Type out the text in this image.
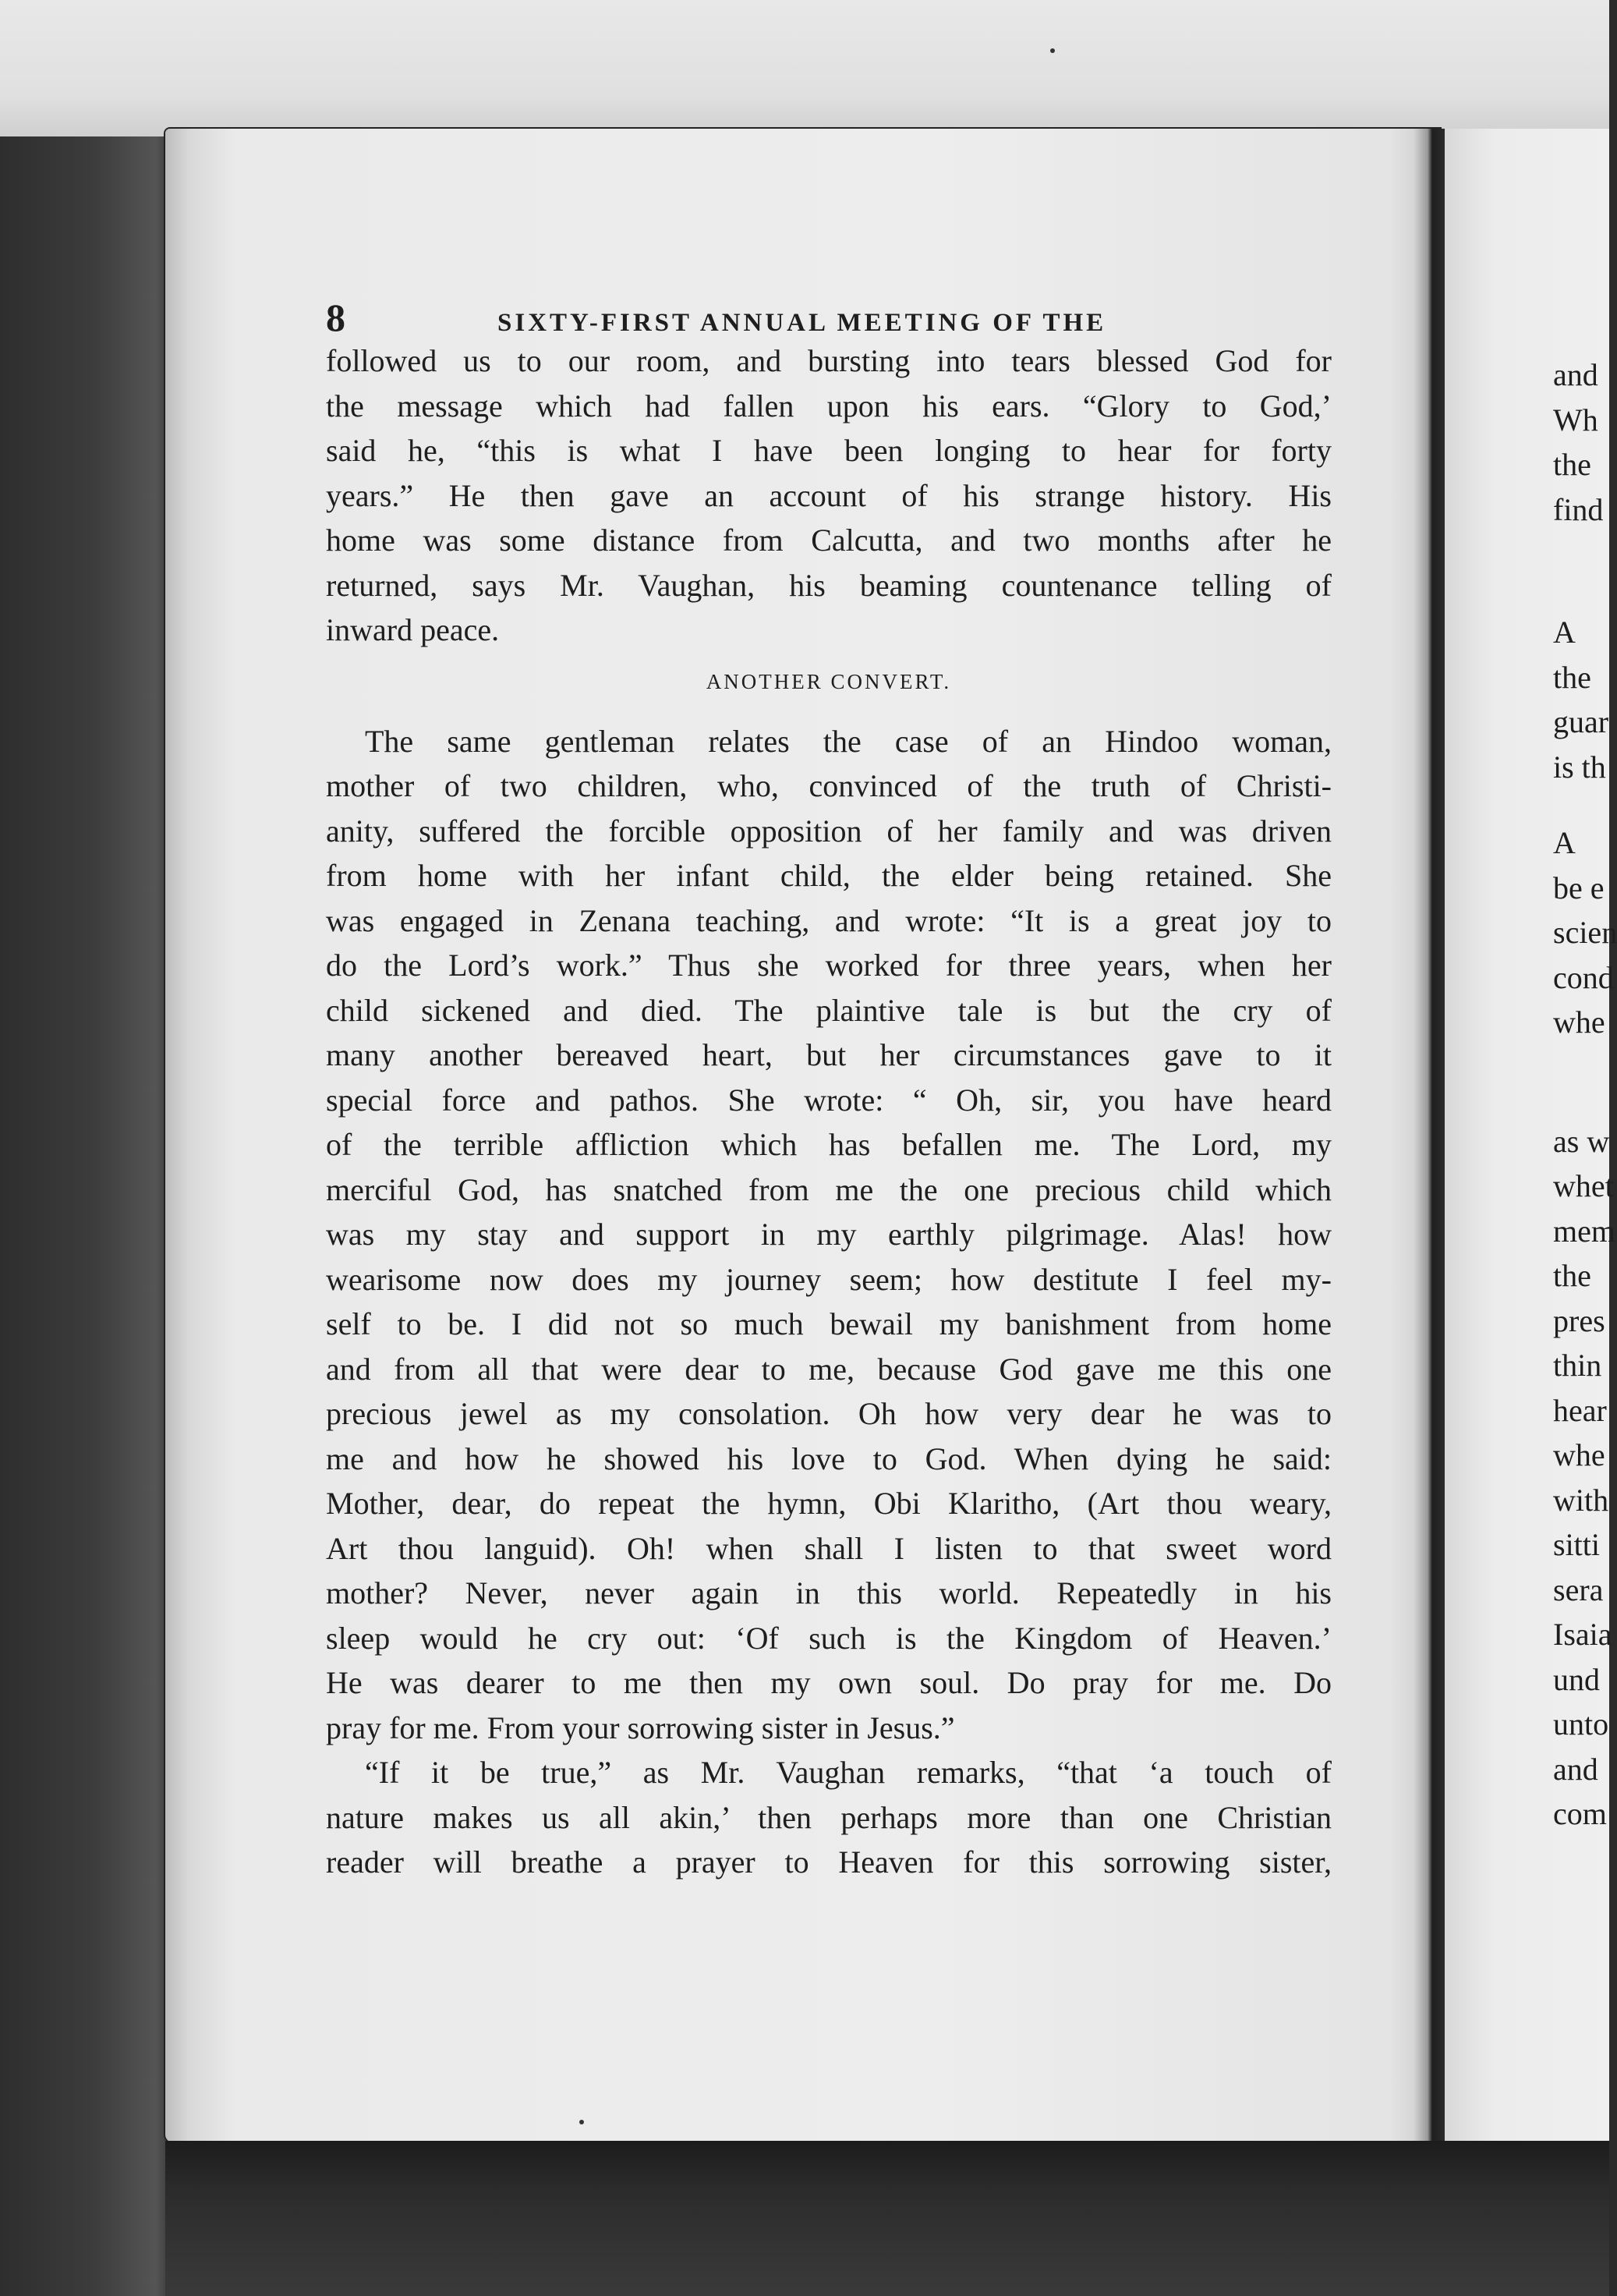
8	SIXTY-FIRST ANNUAL MEETING OF THE
followed us to our room, and bursting into tears blessed God for
the message which had fallen upon his ears. “Glory to God,’
said he, “this is what I have been longing to hear for forty
years.” He then gave an account of his strange history. His
home was some distance from Calcutta, and two months after he
returned, says Mr. Vaughan, his beaming countenance telling of
inward peace.
ANOTHER CONVERT.
The same gentleman relates the case of an Hindoo woman,
mother of two children, who, convinced of the truth of Christi-
anity, suffered the forcible opposition of her family and was driven
from home with her infant child, the elder being retained. She
was engaged in Zenana teaching, and wrote: “It is a great joy to
do the Lord’s work.” Thus she worked for three years, when her
child sickened and died. The plaintive tale is but the cry of
many another bereaved heart, but her circumstances gave to it
special force and pathos. She wrote: “ Oh, sir, you have heard
of the terrible affliction which has befallen me. The Lord, my
merciful God, has snatched from me the one precious child which
was my stay and support in my earthly pilgrimage. Alas! how
wearisome now does my journey seem; how destitute I feel my-
self to be. I did not so much bewail my banishment from home
and from all that were dear to me, because God gave me this one
precious jewel as my consolation. Oh how very dear he was to
me and how he showed his love to God. When dying he said:
Mother, dear, do repeat the hymn, Obi Klaritho, (Art thou weary,
Art thou languid). Oh! when shall I listen to that sweet word
mother? Never, never again in this world. Repeatedly in his
sleep would he cry out: ‘Of such is the Kingdom of Heaven.’
He was dearer to me then my own soul. Do pray for me. Do
pray for me. From your sorrowing sister in Jesus.”
“If it be true,” as Mr. Vaughan remarks, “that ‘a touch of
nature makes us all akin,’ then perhaps more than one Christian
reader will breathe a prayer to Heaven for this sorrowing sister,
and
Wh
the
find
A
the
guar
is th
A
be e
scien
cond
whe
as w
whet
mem
the
pres
thin
hear
whe
with
sitti
sera
Isaia
und
unto
and
com
